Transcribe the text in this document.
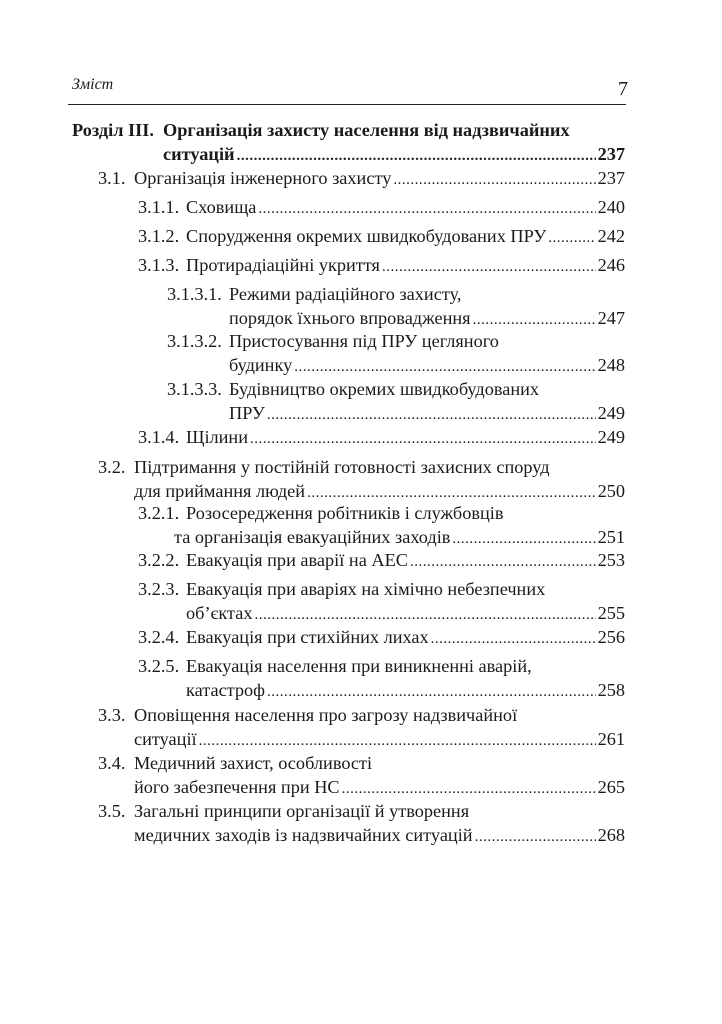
Зміст	7
Розділ III. Організація захисту населення від надзвичайних
ситуацій .....	237
3.1. Організація інженерного захисту .....	237
3.1.1. Сховища .....	240
3.1.2. Спорудження окремих швидкобудованих ПРУ .....	242
3.1.3. Протирадіаційні укриття .....	246
3.1.3.1. Режими радіаційного захисту,
порядок їхнього впровадження .....	247
3.1.3.2. Пристосування під ПРУ цегляного
будинку .....	248
3.1.3.3. Будівництво окремих швидкобудованих
ПРУ .....	249
3.1.4. Щілини .....	249
3.2. Підтримання у постійній готовності захисних споруд
для приймання людей .....	250
3.2.1. Розосередження робітників і службовців
та організація евакуаційних заходів .....	251
3.2.2. Евакуація при аварії на АЕС .....	253
3.2.3. Евакуація при аваріях на хімічно небезпечних
об’єктах .....	255
3.2.4. Евакуація при стихійних лихах .....	256
3.2.5. Евакуація населення при виникненні аварій,
катастроф .....	258
3.3. Оповіщення населення про загрозу надзвичайної
ситуації .....	261
3.4. Медичний захист, особливості
його забезпечення при НС .....	265
3.5. Загальні принципи організації й утворення
медичних заходів із надзвичайних ситуацій .....	268
